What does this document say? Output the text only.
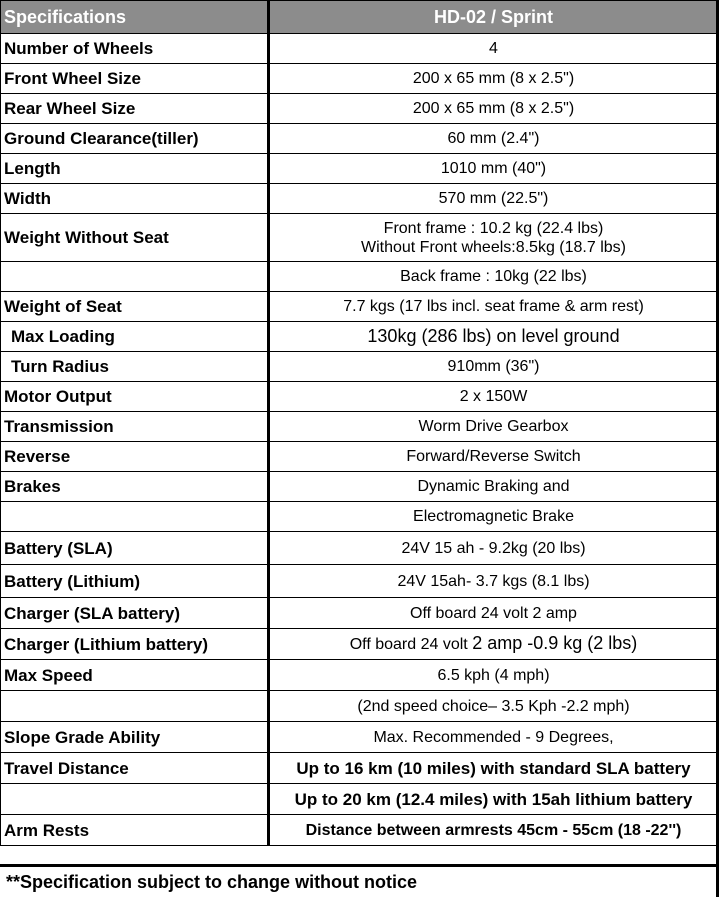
Specifications	HD-02 / Sprint
Number of Wheels	4
Front Wheel Size	200 x 65 mm (8 x 2.5")
Rear Wheel Size	200 x 65 mm (8 x 2.5")
Ground Clearance(tiller)	60 mm (2.4")
Length	1010 mm (40")
Width	570 mm (22.5")
Weight Without Seat	Front frame : 10.2 kg (22.4 lbs)
Without Front wheels:8.5kg (18.7 lbs)

	Back frame : 10kg (22 lbs)
Weight of Seat	7.7 kgs (17 lbs incl. seat frame & arm rest)
Max Loading	130kg (286 lbs) on level ground
Turn Radius	910mm (36")
Motor Output	2 x 150W
Transmission	Worm Drive Gearbox
Reverse	Forward/Reverse Switch
Brakes	Dynamic Braking and
	Electromagnetic Brake
Battery (SLA)	24V 15 ah - 9.2kg (20 lbs)
Battery (Lithium)	24V 15ah- 3.7 kgs (8.1 lbs)
Charger (SLA battery)	Off board 24 volt 2 amp
Charger (Lithium battery)	Off board 24 volt 2 amp -0.9 kg (2 lbs)
Max Speed	6.5 kph (4 mph)
	(2nd speed choice– 3.5 Kph -2.2 mph)
Slope Grade Ability	Max. Recommended - 9 Degrees,
Travel Distance	Up to 16 km (10 miles) with standard SLA battery
	Up to 20 km (12.4 miles) with 15ah lithium battery
Arm Rests	Distance between armrests 45cm - 55cm (18 -22'')
**Specification subject to change without notice
